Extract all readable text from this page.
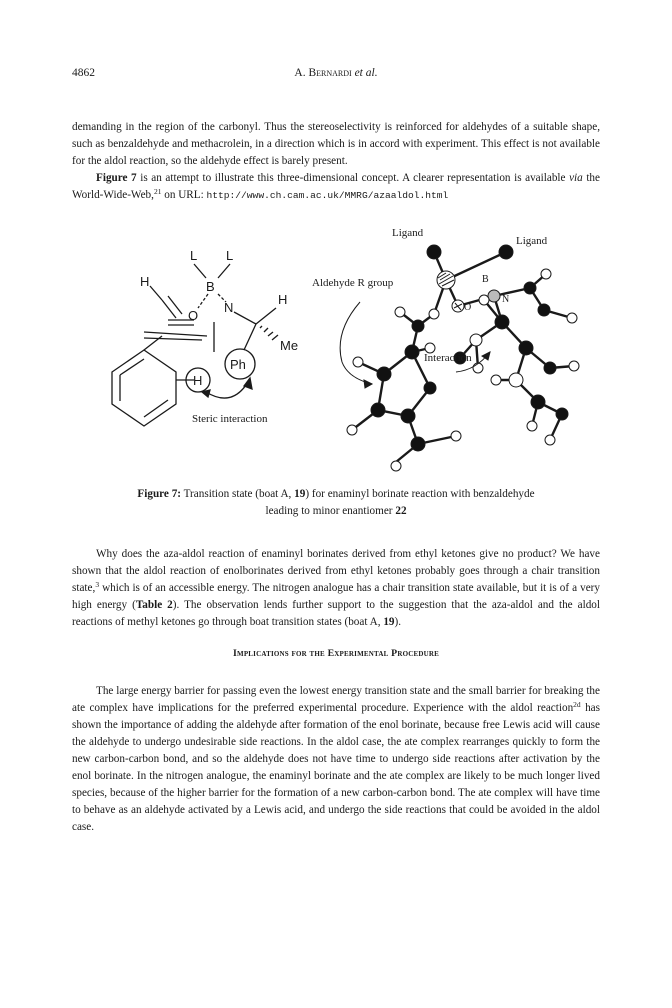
4862	A. Bernardi et al.

demanding in the region of the carbonyl. Thus the stereoselectivity is reinforced for aldehydes of a suitable shape, such as benzaldehyde and methacrolein, in a direction which is in accord with experiment. This effect is not available for the aldol reaction, so the aldehyde effect is barely present.

Figure 7 is an attempt to illustrate this three-dimensional concept. A clearer representation is available via the World-Wide-Web,$^{21}$ on URL: http://www.ch.cam.ac.uk/MMRG/azaaldol.html

L L
B
O
N
H
H
Me
Ph
H
Steric interaction
Ligand
Ligand
Aldehyde R group	B
N
O
Interaction

Figure 7: Transition state (boat A, 19) for enaminyl borinate reaction with benzaldehyde leading to minor enantiomer 22

Why does the aza-aldol reaction of enaminyl borinates derived from ethyl ketones give no product? We have shown that the aldol reaction of enolborinates derived from ethyl ketones probably goes through a chair transition state,$^3$ which is of an accessible energy. The nitrogen analogue has a chair transition state available, but it is of a very high energy (Table 2). The observation lends further support to the suggestion that the aza-aldol and the aldol reactions of methyl ketones go through boat transition states (boat A, 19).

Implications for the Experimental Procedure

The large energy barrier for passing even the lowest energy transition state and the small barrier for breaking the ate complex have implications for the preferred experimental procedure. Experience with the aldol reaction$^{2d}$ has shown the importance of adding the aldehyde after formation of the enol borinate, because free Lewis acid will cause the aldehyde to undergo undesirable side reactions. In the aldol case, the ate complex rearranges quickly to form the new carbon-carbon bond, and so the aldehyde does not have time to undergo side reactions after activation by the enol borinate. In the nitrogen analogue, the enaminyl borinate and the ate complex are likely to be much longer lived species, because of the higher barrier for the formation of a new carbon-carbon bond. The ate complex will have time to behave as an aldehyde activated by a Lewis acid, and undergo the side reactions that could be avoided in the aldol case.
